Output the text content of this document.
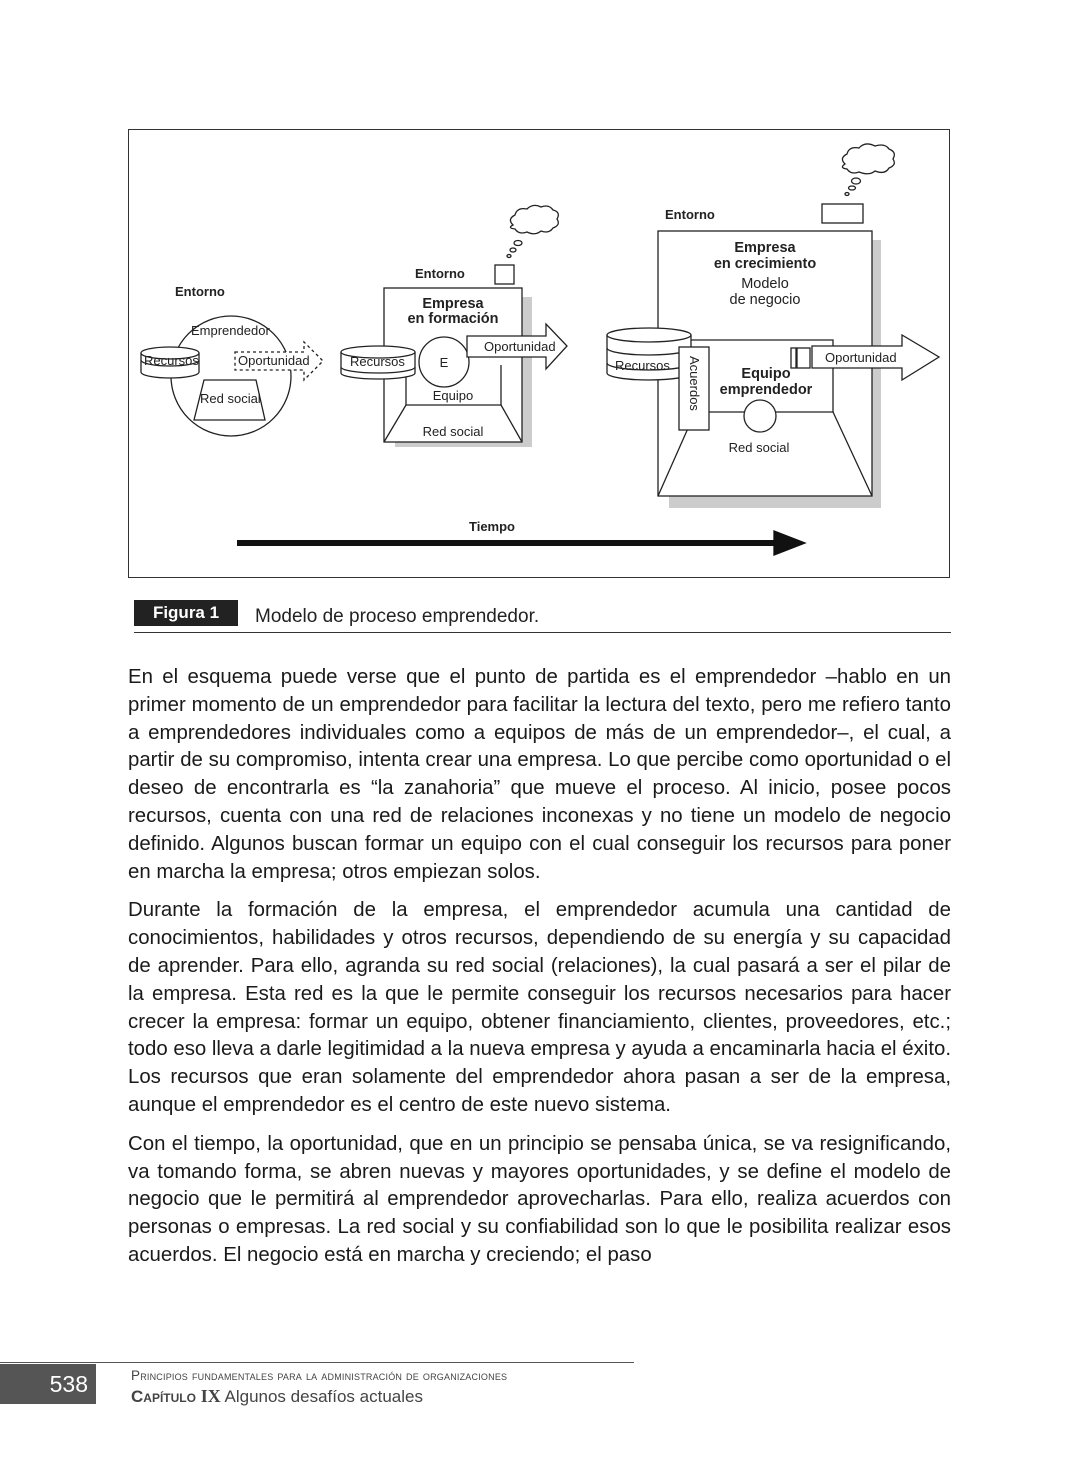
Entorno
Emprendedor
Recursos	Oportunidad
Red social
Entorno
Empresa
en formación
Recursos	E
Equipo
Oportunidad
Red social
Entorno
Empresa
en crecimiento
Modelo
de negocio
Recursos Acuerdos	Equipo
emprendedor
Oportunidad
Red social
Tiempo
Figura 1	Modelo de proceso emprendedor.

En el esquema puede verse que el punto de partida es el emprendedor –hablo en un primer momento de un emprendedor para facilitar la lectura del texto, pero me refiero tanto a emprendedores individuales como a equipos de más de un emprendedor–, el cual, a partir de su compromiso, intenta crear una empresa. Lo que percibe como oportunidad o el deseo de encontrarla es “la zanahoria” que mueve el proceso. Al inicio, posee pocos recursos, cuenta con una red de relaciones inconexas y no tiene un modelo de negocio definido. Algunos buscan formar un equipo con el cual conseguir los recursos para poner en marcha la empresa; otros empiezan solos.

Durante la formación de la empresa, el emprendedor acumula una cantidad de conocimientos, habilidades y otros recursos, dependiendo de su energía y su capacidad de aprender. Para ello, agranda su red social (relaciones), la cual pasará a ser el pilar de la empresa. Esta red es la que le permite conseguir los recursos necesarios para hacer crecer la empresa: formar un equipo, obtener financiamiento, clientes, proveedores, etc.; todo eso lleva a darle legitimidad a la nueva empresa y ayuda a encaminarla hacia el éxito. Los recursos que eran solamente del emprendedor ahora pasan a ser de la empresa, aunque el emprendedor es el centro de este nuevo sistema.

Con el tiempo, la oportunidad, que en un principio se pensaba única, se va resignificando, va tomando forma, se abren nuevas y mayores oportunidades, y se define el modelo de negocio que le permitirá al emprendedor aprovecharlas. Para ello, realiza acuerdos con personas o empresas. La red social y su confiabilidad son lo que le posibilita realizar esos acuerdos. El negocio está en marcha y creciendo; el paso

538	Principios fundamentales para la administración de organizaciones
Capítulo IX Algunos desafíos actuales
